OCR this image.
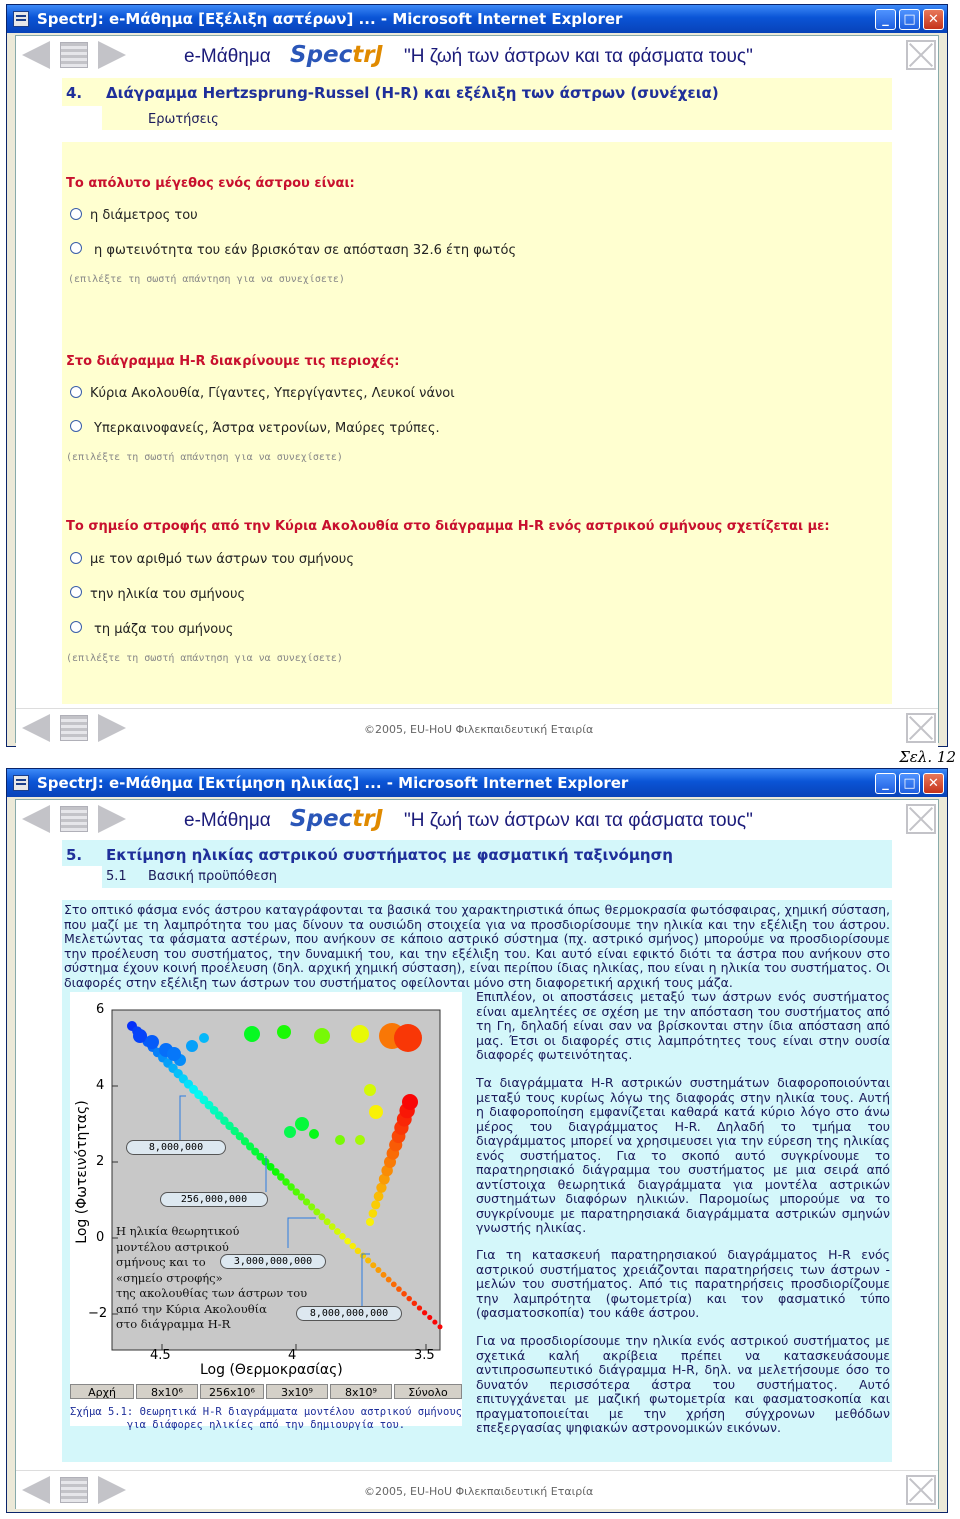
SpectrJ: e-Μάθημα [Εξέλιξη αστέρων] ... - Microsoft Internet Explorer	_	□ ✕
e-Μάθημα SpectrJ "Η ζωή των άστρων και τα φάσματα τους"
4. Διάγραμμα Hertzsprung-Russel (H-R) και εξέλιξη των άστρων (συνέχεια)
Ερωτήσεις
Το απόλυτο μέγεθος ενός άστρου είναι:
η διάμετρος του
η φωτεινότητα του εάν βρισκόταν σε απόσταση 32.6 έτη φωτός
(επιλέξτε τη σωστή απάντηση για να συνεχίσετε)
Στο διάγραμμα H-R διακρίνουμε τις περιοχές:
Κύρια Ακολουθία, Γίγαντες, Υπεργίγαντες, Λευκοί νάνοι
Υπερκαινοφανείς, Άστρα νετρονίων, Μαύρες τρύπες.
(επιλέξτε τη σωστή απάντηση για να συνεχίσετε)
Το σημείο στροφής από την Κύρια Ακολουθία στο διάγραμμα H-R ενός αστρικού σμήνους σχετίζεται με:
με τον αριθμό των άστρων του σμήνους
την ηλικία του σμήνους
τη μάζα του σμήνους
(επιλέξτε τη σωστή απάντηση για να συνεχίσετε)
©2005, EU-HoU Φιλεκπαιδευτική Εταιρία
Σελ. 12
SpectrJ: e-Μάθημα [Εκτίμηση ηλικίας] ... - Microsoft Internet Explorer	_	□ ✕
e-Μάθημα SpectrJ "Η ζωή των άστρων και τα φάσματα τους"
5. Εκτίμηση ηλικίας αστρικού συστήματος με φασματική ταξινόμηση
5.1 Βασική προϋπόθεση
Στο οπτικό φάσμα ενός άστρου καταγράφονται τα βασικά του χαρακτηριστικά όπως θερμοκρασία φωτόσφαιρας, χημική σύσταση, που μαζί με τη λαμπρότητα του μας δίνουν τα ουσιώδη στοιχεία για να προσδιορίσουμε την ηλικία και την εξέλιξη του άστρου. Μελετώντας τα φάσματα αστέρων, που ανήκουν σε κάποιο αστρικό σύστημα (πχ. αστρικό σμήνος) μπορούμε να προσδιορίσουμε την προέλευση του συστήματος, την δυναμική του, και την εξέλιξη του. Και αυτό είναι εφικτό διότι τα άστρα που ανήκουν στο σύστημα έχουν κοινή προέλευση (δηλ. αρχική χημική σύσταση), είναι περίπου ίδιας ηλικίας, που είναι η ηλικία του συστήματος. Οι διαφορές στην εξέλιξη των άστρων του συστήματος οφείλονται μόνο στη διαφορετική αρχική τους μάζα.
Log (Φωτεινότητας)
Log (Θερμοκρασίας)
4.5	4	3.5
6
4
2
0
−2
8,000,000
256,000,000
3,000,000,000
8,000,000,000
Η ηλικία θεωρητικού
μοντέλου αστρικού
σμήνους και το
«σημείο στροφής»
της ακολουθίας των άστρων του
από την Κύρια Ακολουθία
στο διάγραμμα H-R
Αρχή	8x10⁶	256x10⁶	3x10⁹	8x10⁹	Σύνολο
Σχήμα 5.1: Θεωρητικά H-R διαγράμματα μοντέλου αστρικού σμήνους
για διάφορες ηλικίες από την δημιουργία του.
Επιπλέον, οι αποστάσεις μεταξύ των άστρων ενός συστήματος είναι αμελητέες σε σχέση με την απόσταση του συστήματος από τη Γη, δηλαδή είναι σαν να βρίσκονται στην ίδια απόσταση από μας. Έτσι οι διαφορές στις λαμπρότητες τους είναι στην ουσία διαφορές φωτεινότητας.
Τα διαγράμματα H-R αστρικών συστημάτων διαφοροποιούνται μεταξύ τους κυρίως λόγω της διαφοράς στην ηλικία τους. Αυτή η διαφοροποίηση εμφανίζεται καθαρά κατά κύριο λόγο στο άνω μέρος του διαγράμματος H-R. Δηλαδή το τμήμα του διαγράμματος μπορεί να χρησιμευσει για την εύρεση της ηλικίας ενός συστήματος. Για το σκοπό αυτό συγκρίνουμε το παρατηρησιακό διάγραμμα του συστήματος με μια σειρά από αντίστοιχα θεωρητικά διαγράμματα για μοντέλα αστρικών συστημάτων διαφόρων ηλικιών. Παρομοίως μπορούμε να το συγκρίνουμε με παρατηρησιακά διαγράμματα αστρικών σμηνών γνωστής ηλικίας.
Για τη κατασκευή παρατηρησιακού διαγράμματος H-R ενός αστρικού συστήματος χρειάζονται παρατηρήσεις των άστρων - μελών του συστήματος. Από τις παρατηρήσεις προσδιορίζουμε την λαμπρότητα (φωτομετρία) και τον φασματικό τύπο (φασματοσκοπία) του κάθε άστρου.
Για να προσδιορίσουμε την ηλικία ενός αστρικού συστήματος με σχετικά καλή ακρίβεια πρέπει να κατασκευάσουμε αντιπροσωπευτικό διάγραμμα H-R, δηλ. να μελετήσουμε όσο το δυνατόν περισσότερα άστρα του συστήματος. Αυτό επιτυγχάνεται με μαζική φωτομετρία και φασματοσκοπία και πραγματοποιείται με την χρήση σύγχρονων μεθόδων επεξεργασίας ψηφιακών αστρονομικών εικόνων.
©2005, EU-HoU Φιλεκπαιδευτική Εταιρία
